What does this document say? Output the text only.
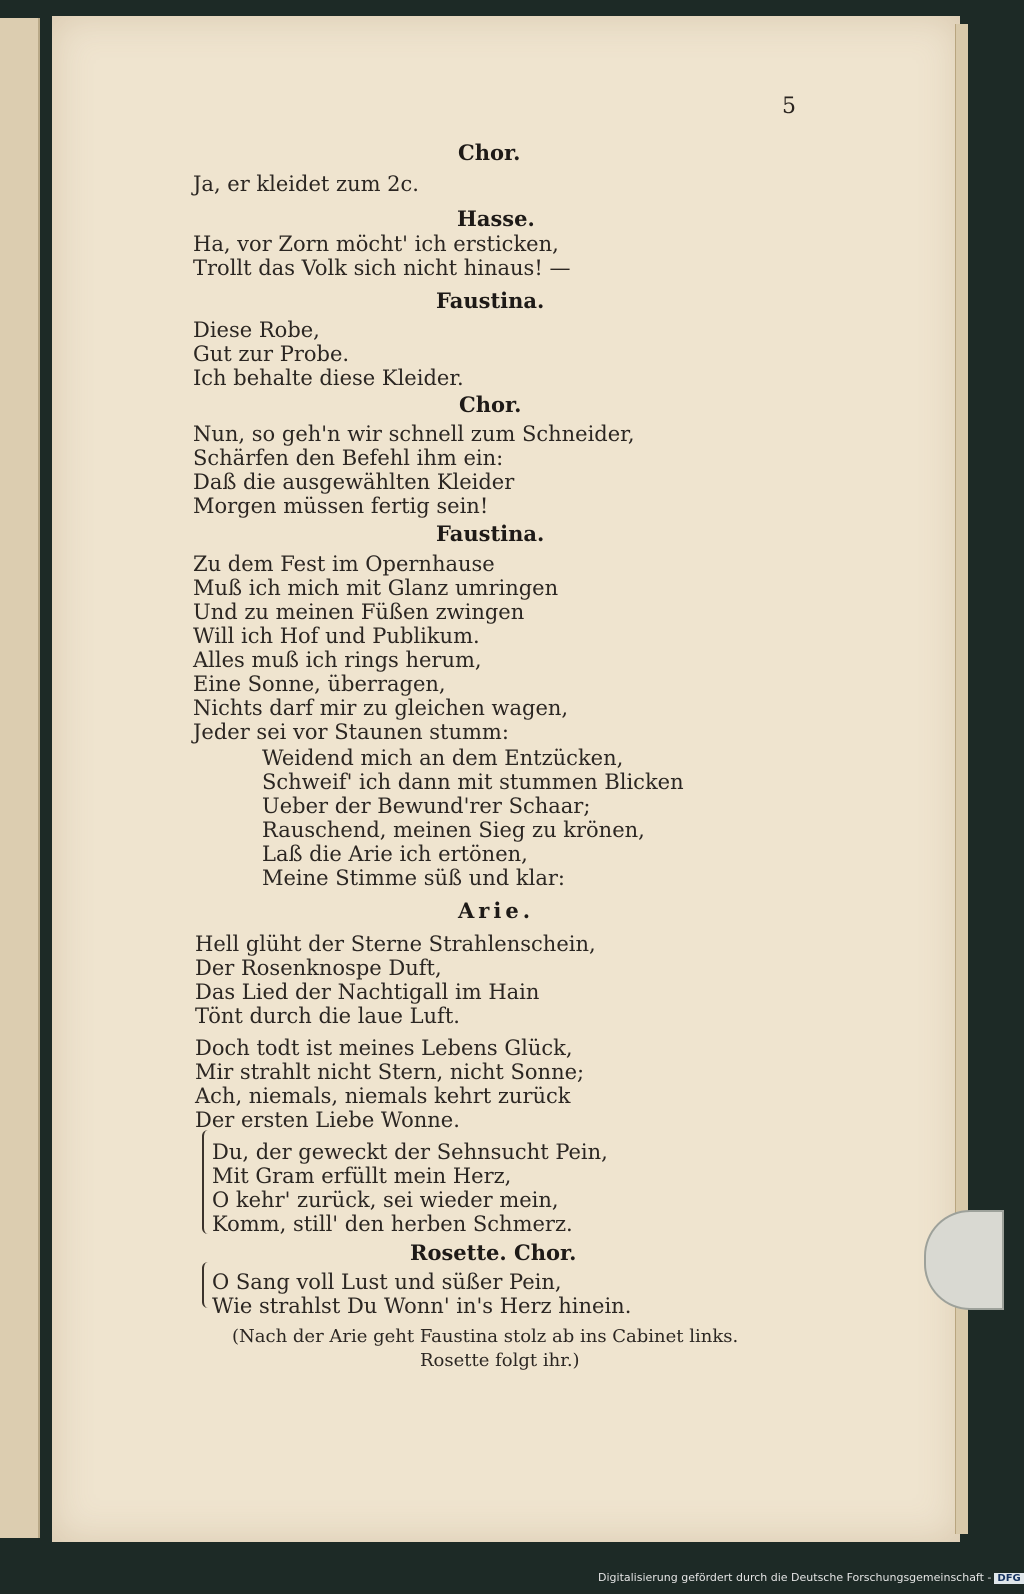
5
Chor.
Ja, er kleidet zum 2c.
Hasse.
Ha, vor Zorn möcht' ich ersticken,
Trollt das Volk sich nicht hinaus! —
Faustina.
Diese Robe,
Gut zur Probe.
Ich behalte diese Kleider.
Chor.
Nun, so geh'n wir schnell zum Schneider,
Schärfen den Befehl ihm ein:
Daß die ausgewählten Kleider
Morgen müssen fertig sein!
Faustina.
Zu dem Fest im Opernhause
Muß ich mich mit Glanz umringen
Und zu meinen Füßen zwingen
Will ich Hof und Publikum.
Alles muß ich rings herum,
Eine Sonne, überragen,
Nichts darf mir zu gleichen wagen,
Jeder sei vor Staunen stumm:
Weidend mich an dem Entzücken,
Schweif' ich dann mit stummen Blicken
Ueber der Bewund'rer Schaar;
Rauschend, meinen Sieg zu krönen,
Laß die Arie ich ertönen,
Meine Stimme süß und klar:
Arie.
Hell glüht der Sterne Strahlenschein,
Der Rosenknospe Duft,
Das Lied der Nachtigall im Hain
Tönt durch die laue Luft.
Doch todt ist meines Lebens Glück,
Mir strahlt nicht Stern, nicht Sonne;
Ach, niemals, niemals kehrt zurück
Der ersten Liebe Wonne.
Du, der geweckt der Sehnsucht Pein,
Mit Gram erfüllt mein Herz,
O kehr' zurück, sei wieder mein,
Komm, still' den herben Schmerz.
Rosette. Chor.
O Sang voll Lust und süßer Pein,
Wie strahlst Du Wonn' in's Herz hinein.
(Nach der Arie geht Faustina stolz ab ins Cabinet links.
Rosette folgt ihr.)
Digitalisierung gefördert durch die Deutsche Forschungsgemeinschaft - DFG
